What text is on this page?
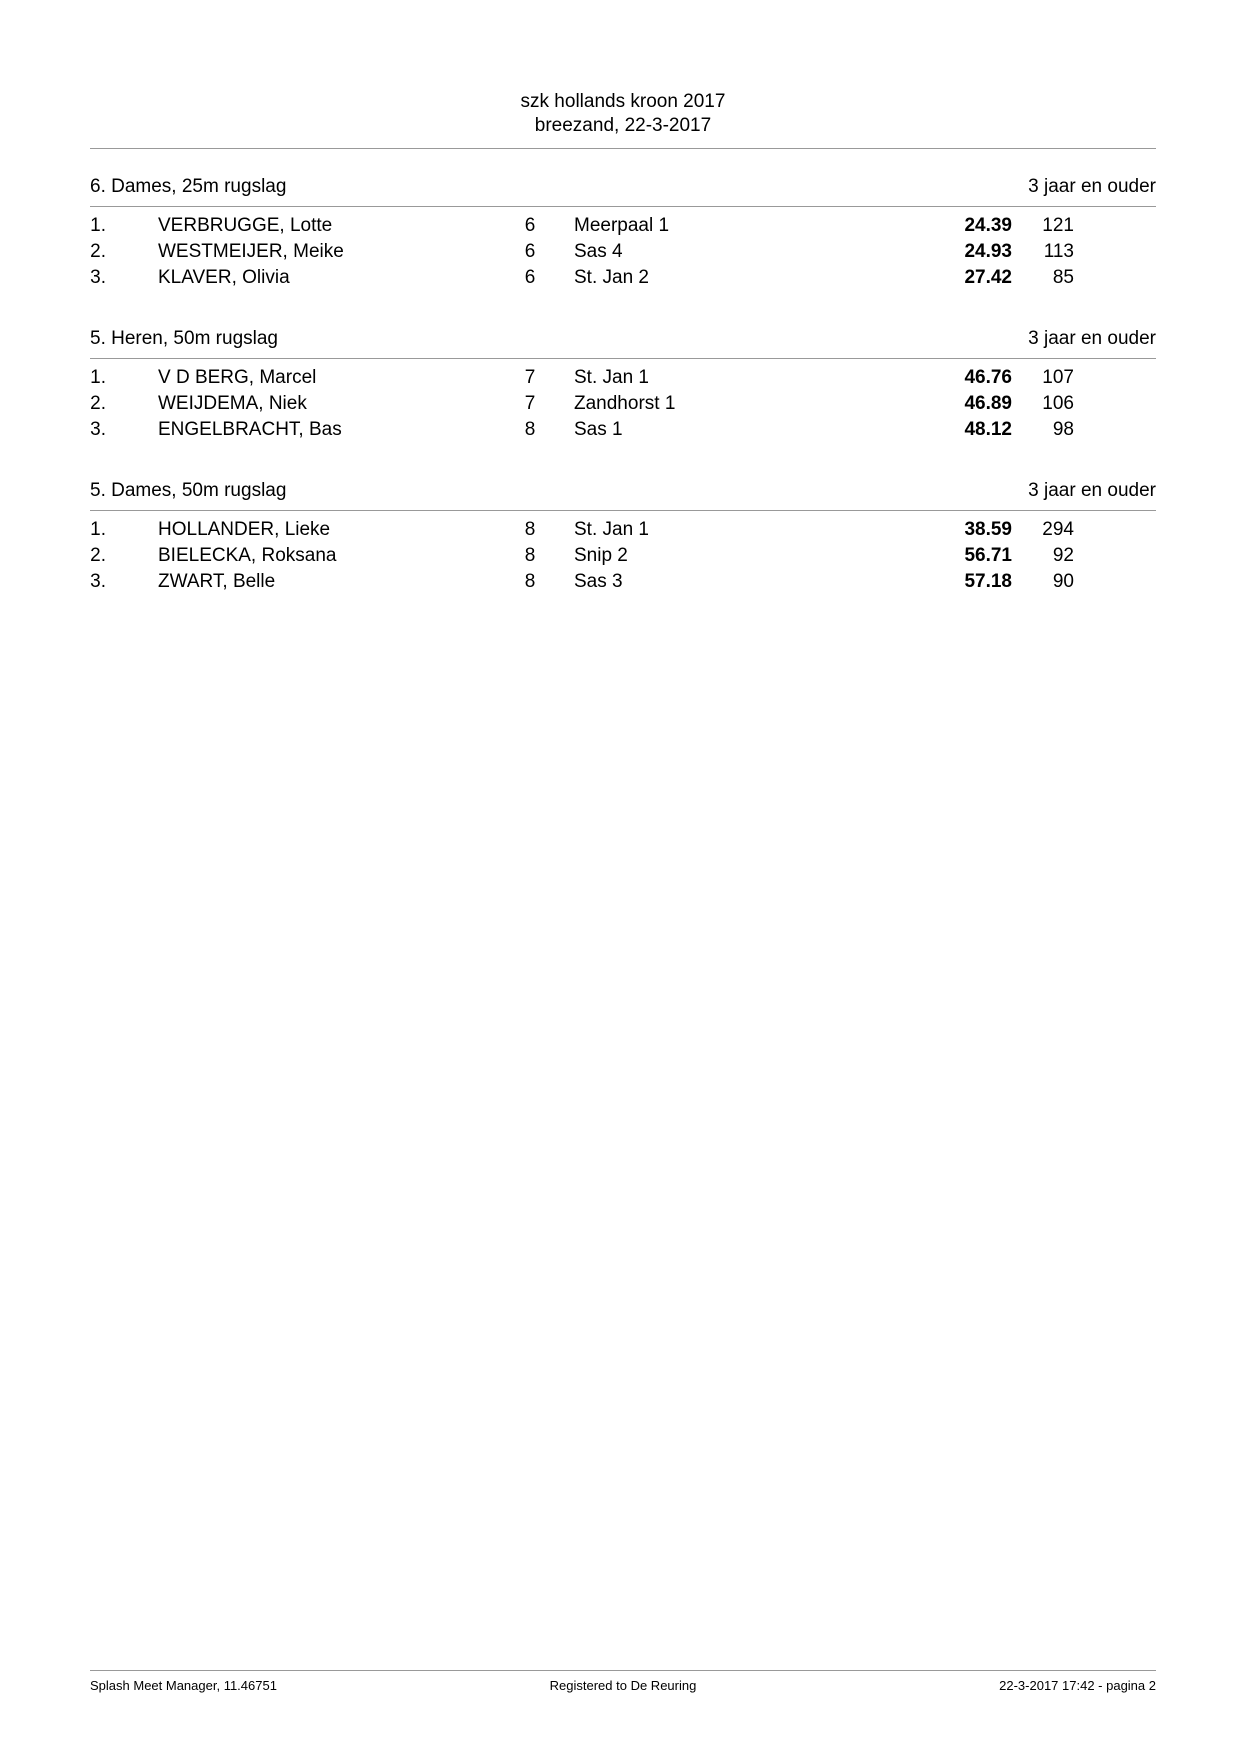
szk hollands kroon 2017
breezand, 22-3-2017
6. Dames, 25m rugslag	3 jaar en ouder
1.	VERBRUGGE, Lotte	6 Meerpaal 1	24.39 121
2.	WESTMEIJER, Meike	6 Sas 4	24.93 113
3.	KLAVER, Olivia	6 St. Jan 2	27.42 85
5. Heren, 50m rugslag	3 jaar en ouder
1.	V D BERG, Marcel	7 St. Jan 1	46.76 107
2.	WEIJDEMA, Niek	7 Zandhorst 1	46.89 106
3.	ENGELBRACHT, Bas	8 Sas 1	48.12 98
5. Dames, 50m rugslag	3 jaar en ouder
1.	HOLLANDER, Lieke	8 St. Jan 1	38.59 294
2.	BIELECKA, Roksana	8 Snip 2	56.71 92
3.	ZWART, Belle	8 Sas 3	57.18 90
Splash Meet Manager, 11.46751	Registered to De Reuring	22-3-2017 17:42 - pagina 2
